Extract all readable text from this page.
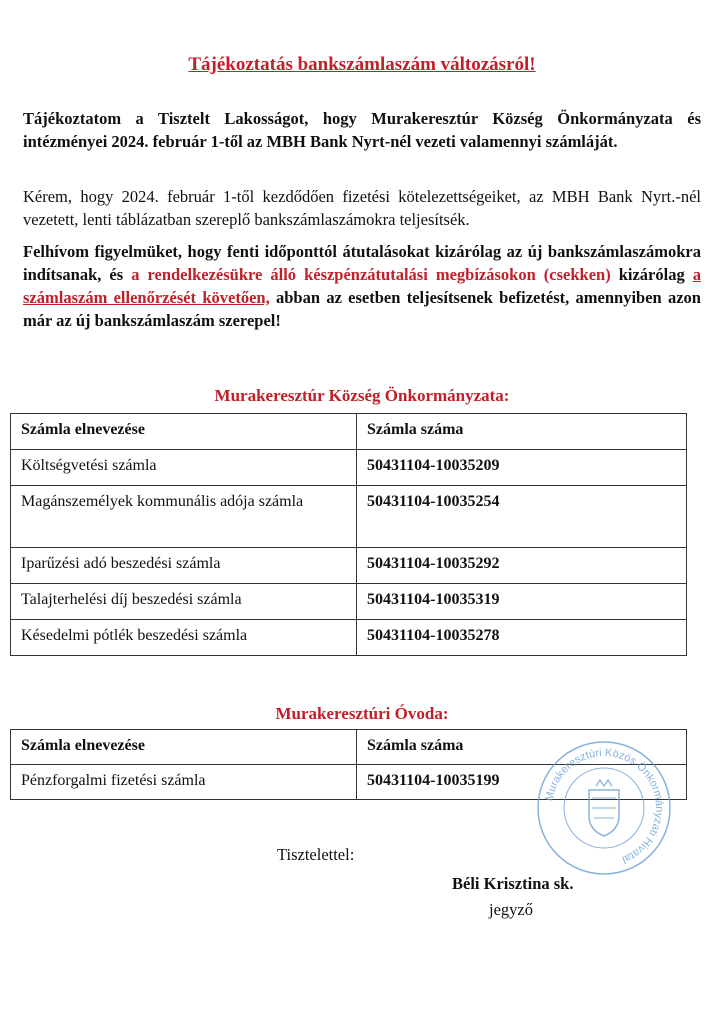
Tájékoztatás bankszámlaszám változásról!
Tájékoztatom a Tisztelt Lakosságot, hogy Murakeresztúr Község Önkormányzata és intézményei 2024. február 1-től az MBH Bank Nyrt-nél vezeti valamennyi számláját.
Kérem, hogy 2024. február 1-től kezdődően fizetési kötelezettségeiket, az MBH Bank Nyrt.-nél vezetett, lenti táblázatban szereplő bankszámlaszámokra teljesítsék.
Felhívom figyelmüket, hogy fenti időponttól átutalásokat kizárólag az új bankszámlaszámokra indítsanak, és a rendelkezésükre álló készpénzátutalási megbízásokon (csekken) kizárólag a számlaszám ellenőrzését követően, abban az esetben teljesítsenek befizetést, amennyiben azon már az új bankszámlaszám szerepel!
Murakeresztúr Község Önkormányzata:
Számla elnevezése	Számla száma
Költségvetési számla	50431104-10035209
Magánszemélyek kommunális adója számla	50431104-10035254
Iparűzési adó beszedési számla	50431104-10035292
Talajterhelési díj beszedési számla	50431104-10035319
Késedelmi pótlék beszedési számla	50431104-10035278
Murakeresztúri Óvoda:
Számla elnevezése	Számla száma
Pénzforgalmi fizetési számla	50431104-10035199
Murakeresztúri Közös Önkormányzati Hivatal
Tisztelettel:
Béli Krisztina sk.
jegyző
